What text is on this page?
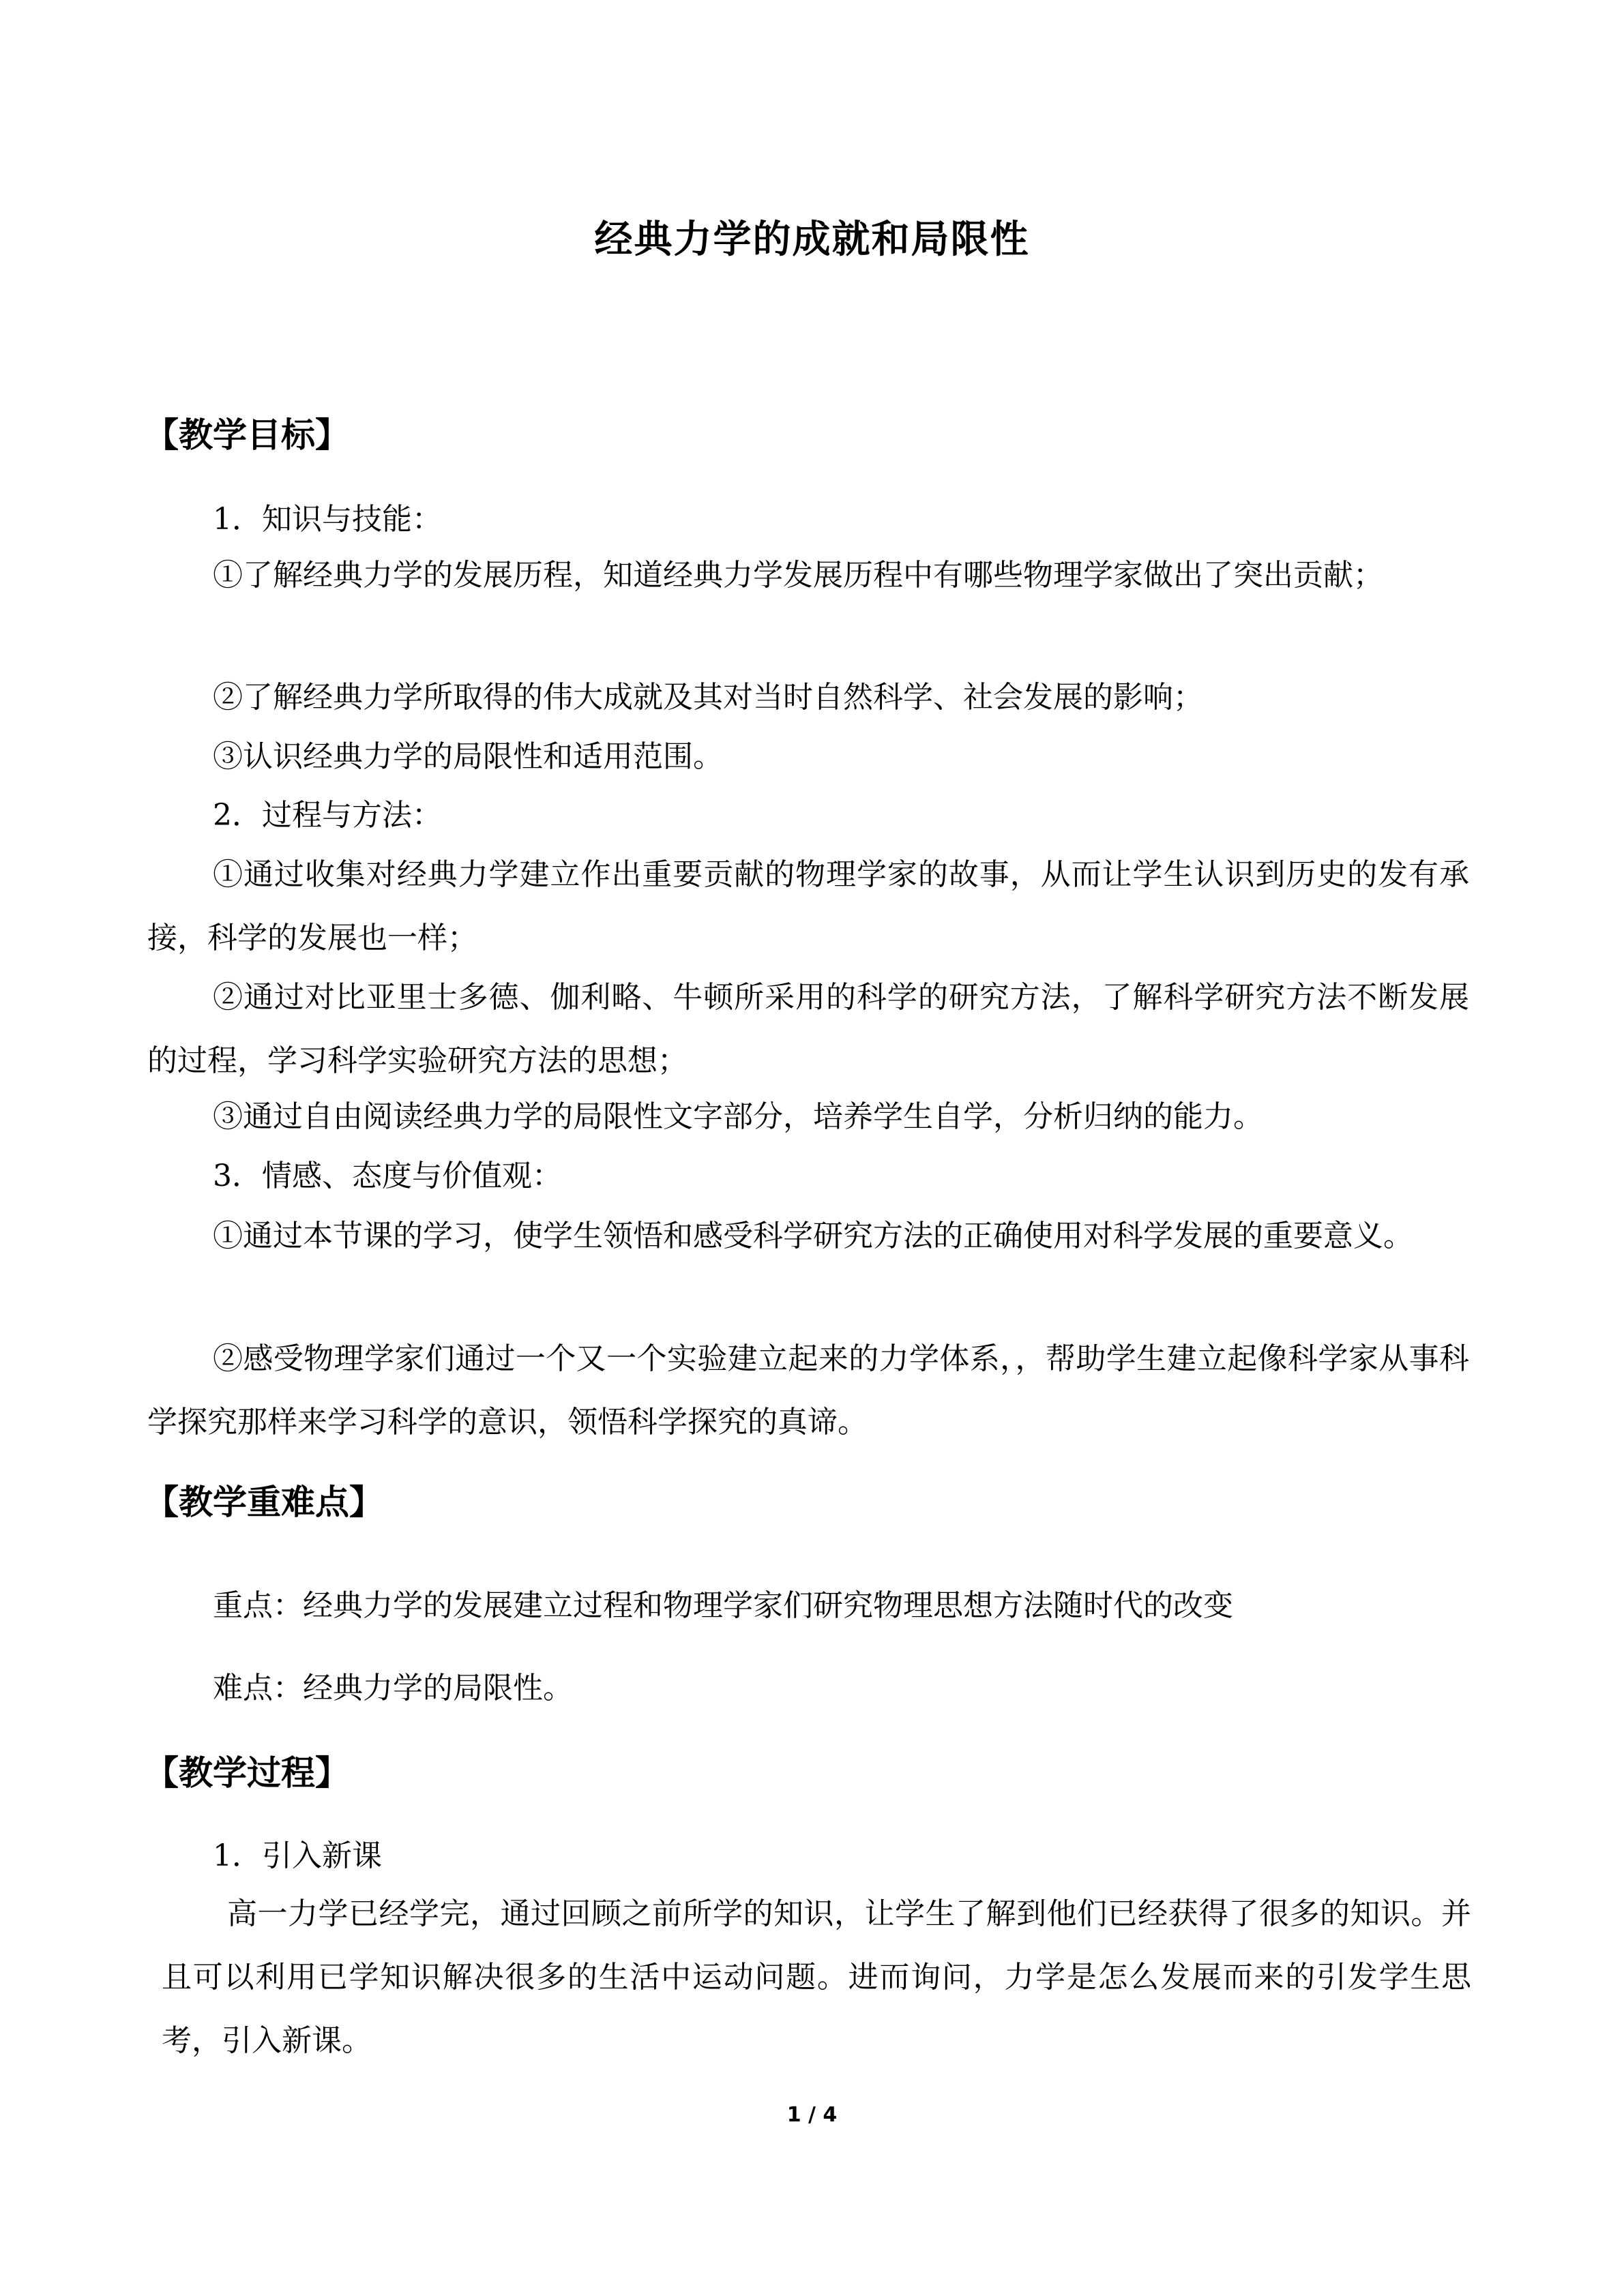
经典力学的成就和局限性
【教学目标】
1．知识与技能：
①了解经典力学的发展历程，知道经典力学发展历程中有哪些物理学家做出了突出贡献；
②了解经典力学所取得的伟大成就及其对当时自然科学、社会发展的影响；
③认识经典力学的局限性和适用范围。
2．过程与方法：
①通过收集对经典力学建立作出重要贡献的物理学家的故事，从而让学生认识到历史的发有承接，科学的发展也一样；
②通过对比亚里士多德、伽利略、牛顿所采用的科学的研究方法，了解科学研究方法不断发展的过程，学习科学实验研究方法的思想；
③通过自由阅读经典力学的局限性文字部分，培养学生自学，分析归纳的能力。
3．情感、态度与价值观：
①通过本节课的学习，使学生领悟和感受科学研究方法的正确使用对科学发展的重要意义。
②感受物理学家们通过一个又一个实验建立起来的力学体系，，帮助学生建立起像科学家从事科学探究那样来学习科学的意识，领悟科学探究的真谛。
【教学重难点】
重点：经典力学的发展建立过程和物理学家们研究物理思想方法随时代的改变
难点：经典力学的局限性。
【教学过程】
1．引入新课
高一力学已经学完，通过回顾之前所学的知识，让学生了解到他们已经获得了很多的知识。并且可以利用已学知识解决很多的生活中运动问题。进而询问，力学是怎么发展而来的引发学生思考，引入新课。
1 / 4
